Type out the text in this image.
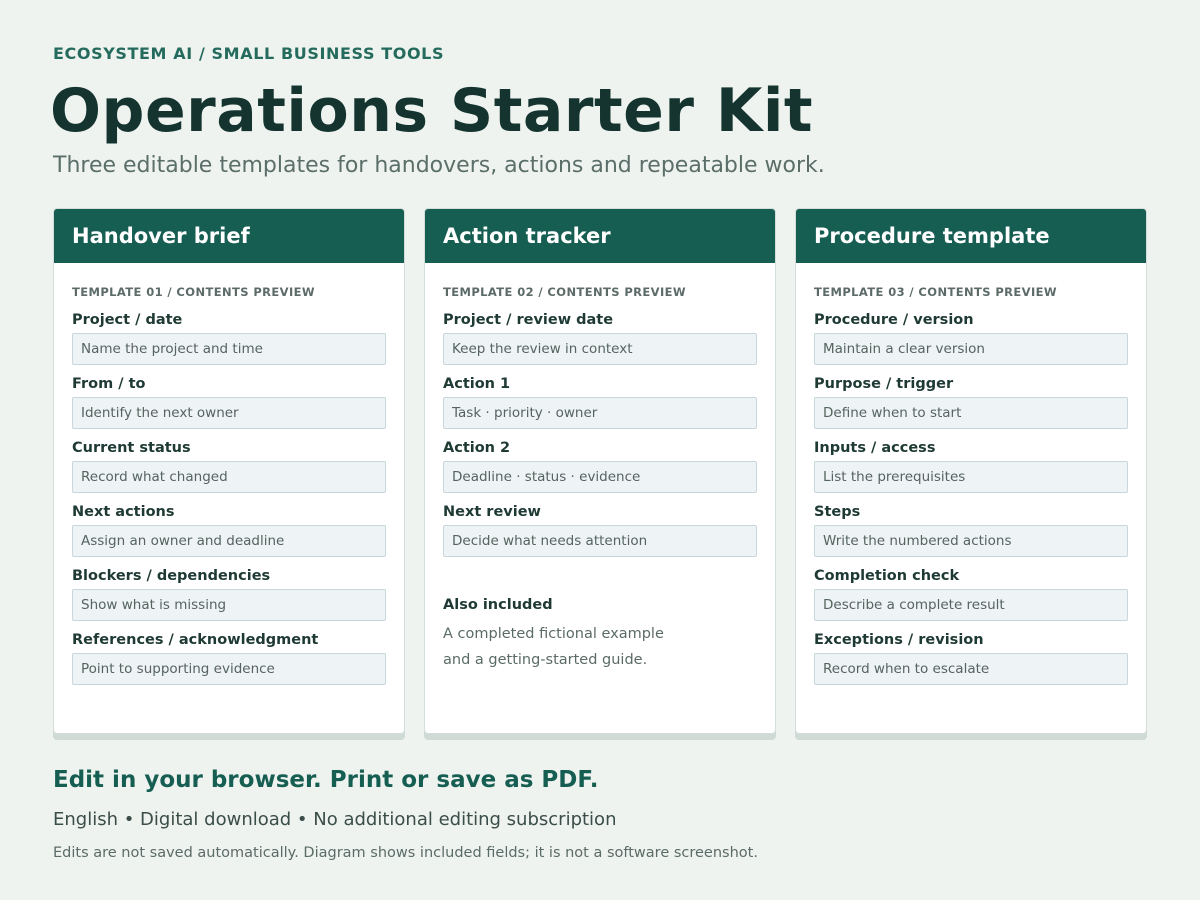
ECOSYSTEM AI / SMALL BUSINESS TOOLS
Operations Starter Kit
Three editable templates for handovers, actions and repeatable work.
Handover brief
TEMPLATE 01 / CONTENTS PREVIEW
Project / date
Name the project and time
From / to
Identify the next owner
Current status
Record what changed
Next actions
Assign an owner and deadline
Blockers / dependencies
Show what is missing
References / acknowledgment
Point to supporting evidence
Action tracker
TEMPLATE 02 / CONTENTS PREVIEW
Project / review date
Keep the review in context
Action 1
Task · priority · owner
Action 2
Deadline · status · evidence
Next review
Decide what needs attention
Also included
A completed fictional example and a getting-started guide.
Procedure template
TEMPLATE 03 / CONTENTS PREVIEW
Procedure / version
Maintain a clear version
Purpose / trigger
Define when to start
Inputs / access
List the prerequisites
Steps
Write the numbered actions
Completion check
Describe a complete result
Exceptions / revision
Record when to escalate
Edit in your browser. Print or save as PDF.
English • Digital download • No additional editing subscription
Edits are not saved automatically. Diagram shows included fields; it is not a software screenshot.
